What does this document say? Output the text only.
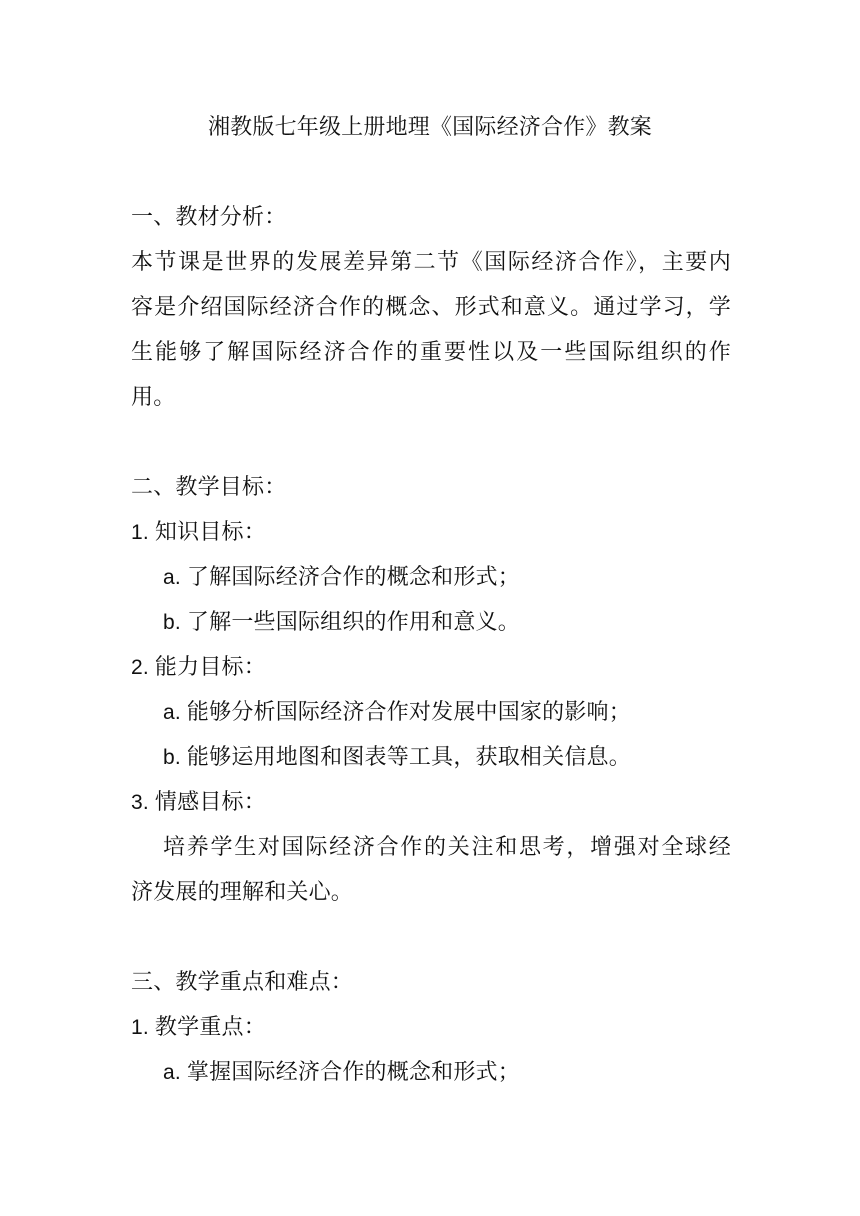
湘教版七年级上册地理《国际经济合作》教案
一、教材分析：
本节课是世界的发展差异第二节《国际经济合作》，主要内
容是介绍国际经济合作的概念、形式和意义。通过学习，学
生能够了解国际经济合作的重要性以及一些国际组织的作
用。
二、教学目标：
1. 知识目标：
a. 了解国际经济合作的概念和形式；
b. 了解一些国际组织的作用和意义。
2. 能力目标：
a. 能够分析国际经济合作对发展中国家的影响；
b. 能够运用地图和图表等工具，获取相关信息。
3. 情感目标：
培养学生对国际经济合作的关注和思考，增强对全球经
济发展的理解和关心。
三、教学重点和难点：
1. 教学重点：
a. 掌握国际经济合作的概念和形式；
